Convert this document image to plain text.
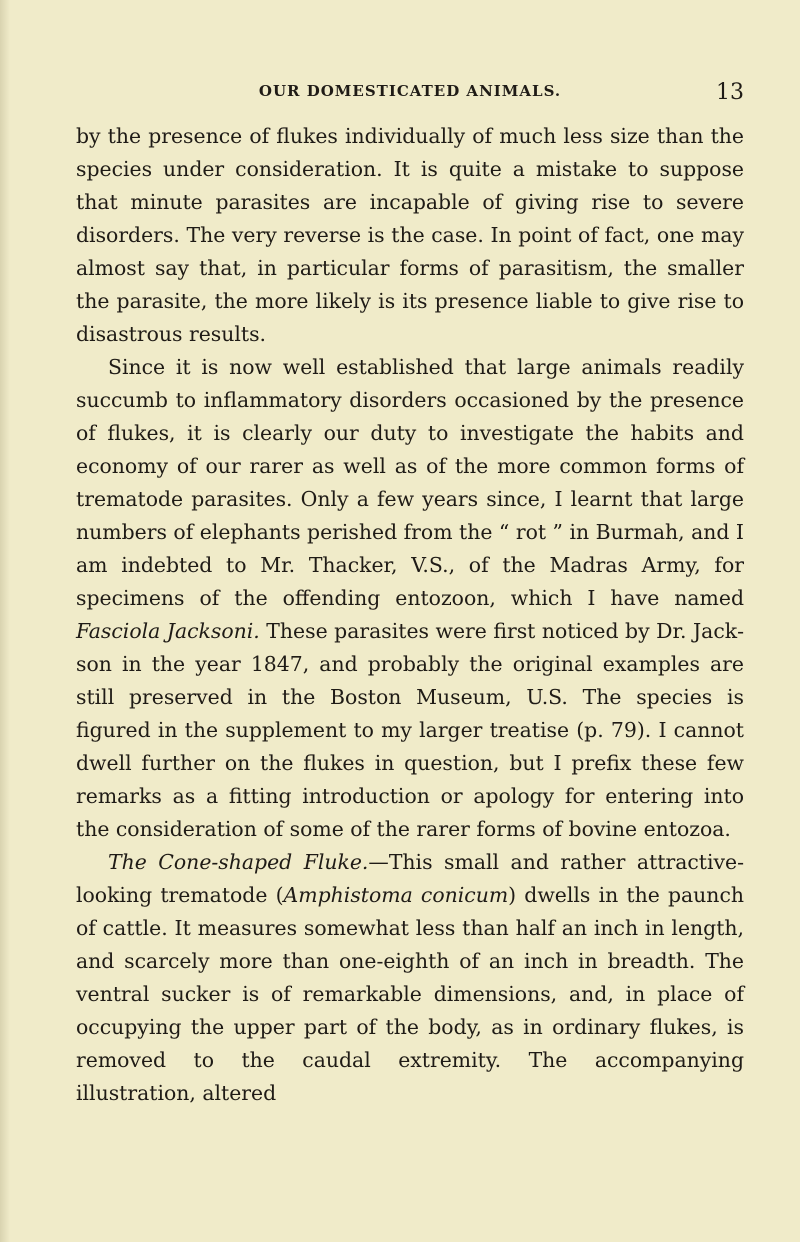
OUR DOMESTICATED ANIMALS.	13

by the presence of flukes individually of much less size than the species under consideration. It is quite a mistake to suppose that minute parasites are incapable of giving rise to severe disorders. The very reverse is the case. In point of fact, one may almost say that, in particular forms of parasitism, the smaller the parasite, the more likely is its presence liable to give rise to disastrous results.

Since it is now well established that large animals readily succumb to inflammatory disorders occasioned by the presence of flukes, it is clearly our duty to investigate the habits and economy of our rarer as well as of the more common forms of trematode parasites. Only a few years since, I learnt that large numbers of elephants perished from the “ rot ” in Burmah, and I am indebted to Mr. Thacker, V.S., of the Madras Army, for specimens of the offending entozoon, which I have named Fasciola Jacksoni. These parasites were first noticed by Dr. Jackson in the year 1847, and probably the original examples are still preserved in the Boston Museum, U.S. The species is figured in the supplement to my larger treatise (p. 79). I cannot dwell further on the flukes in question, but I prefix these few remarks as a fitting introduction or apology for entering into the consideration of some of the rarer forms of bovine entozoa.

The Cone-shaped Fluke.—This small and rather attractive-looking trematode (Amphistoma conicum) dwells in the paunch of cattle. It measures somewhat less than half an inch in length, and scarcely more than one-eighth of an inch in breadth. The ventral sucker is of remarkable dimensions, and, in place of occupying the upper part of the body, as in ordinary flukes, is removed to the caudal extremity. The accompanying illustration, altered
